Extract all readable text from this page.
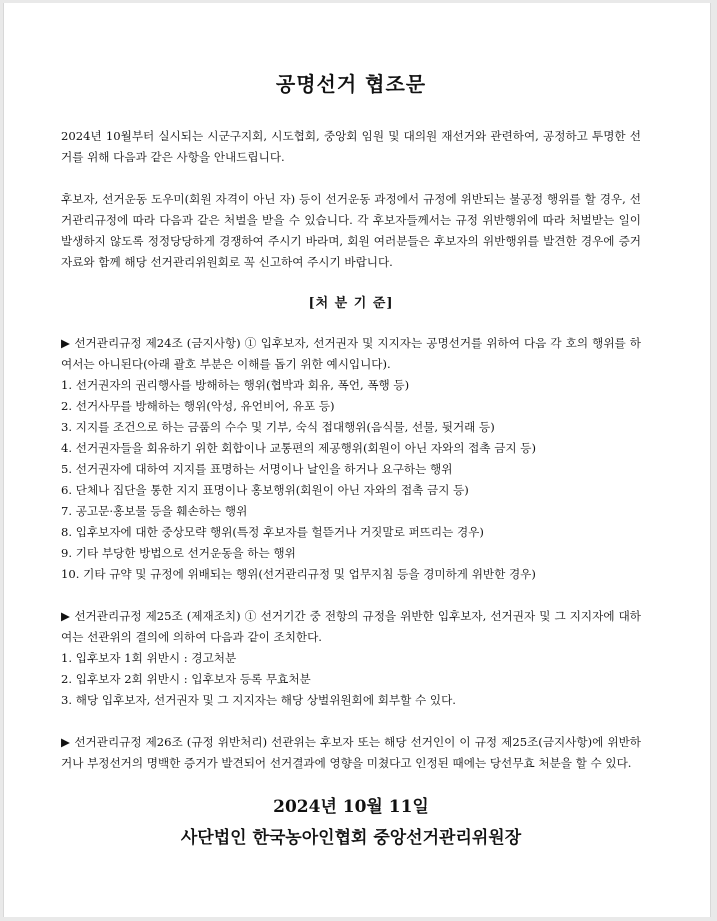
공명선거 협조문

2024년 10월부터 실시되는 시군구지회, 시도협회, 중앙회 임원 및 대의원 재선거와 관련하여, 공정하고 투명한 선거를 위해 다음과 같은 사항을 안내드립니다.

후보자, 선거운동 도우미(회원 자격이 아닌 자) 등이 선거운동 과정에서 규정에 위반되는 불공정 행위를 할 경우, 선거관리규정에 따라 다음과 같은 처벌을 받을 수 있습니다. 각 후보자들께서는 규정 위반행위에 따라 처벌받는 일이 발생하지 않도록 정정당당하게 경쟁하여 주시기 바라며, 회원 여러분들은 후보자의 위반행위를 발견한 경우에 증거자료와 함께 해당 선거관리위원회로 꼭 신고하여 주시기 바랍니다.

[처 분 기 준]

▶ 선거관리규정 제24조 (금지사항) ① 입후보자, 선거권자 및 지지자는 공명선거를 위하여 다음 각 호의 행위를 하여서는 아니된다(아래 괄호 부분은 이해를 돕기 위한 예시입니다).

1. 선거권자의 권리행사를 방해하는 행위(협박과 회유, 폭언, 폭행 등)
2. 선거사무를 방해하는 행위(악성, 유언비어, 유포 등)
3. 지지를 조건으로 하는 금품의 수수 및 기부, 숙식 접대행위(음식물, 선물, 뒷거래 등)
4. 선거권자들을 회유하기 위한 회합이나 교통편의 제공행위(회원이 아닌 자와의 접촉 금지 등)
5. 선거권자에 대하여 지지를 표명하는 서명이나 날인을 하거나 요구하는 행위
6. 단체나 집단을 통한 지지 표명이나 홍보행위(회원이 아닌 자와의 접촉 금지 등)
7. 공고문·홍보물 등을 훼손하는 행위
8. 입후보자에 대한 중상모략 행위(특정 후보자를 헐뜯거나 거짓말로 퍼뜨리는 경우)
9. 기타 부당한 방법으로 선거운동을 하는 행위
10. 기타 규약 및 규정에 위배되는 행위(선거관리규정 및 업무지침 등을 경미하게 위반한 경우)

▶ 선거관리규정 제25조 (제재조치) ① 선거기간 중 전항의 규정을 위반한 입후보자, 선거권자 및 그 지지자에 대하여는 선관위의 결의에 의하여 다음과 같이 조치한다.

1. 입후보자 1회 위반시 : 경고처분
2. 입후보자 2회 위반시 : 입후보자 등록 무효처분
3. 해당 입후보자, 선거권자 및 그 지지자는 해당 상벌위원회에 회부할 수 있다.

▶ 선거관리규정 제26조 (규정 위반처리) 선관위는 후보자 또는 해당 선거인이 이 규정 제25조(금지사항)에 위반하거나 부정선거의 명백한 증거가 발견되어 선거결과에 영향을 미쳤다고 인정된 때에는 당선무효 처분을 할 수 있다.

2024년 10월 11일
사단법인 한국농아인협회 중앙선거관리위원장
